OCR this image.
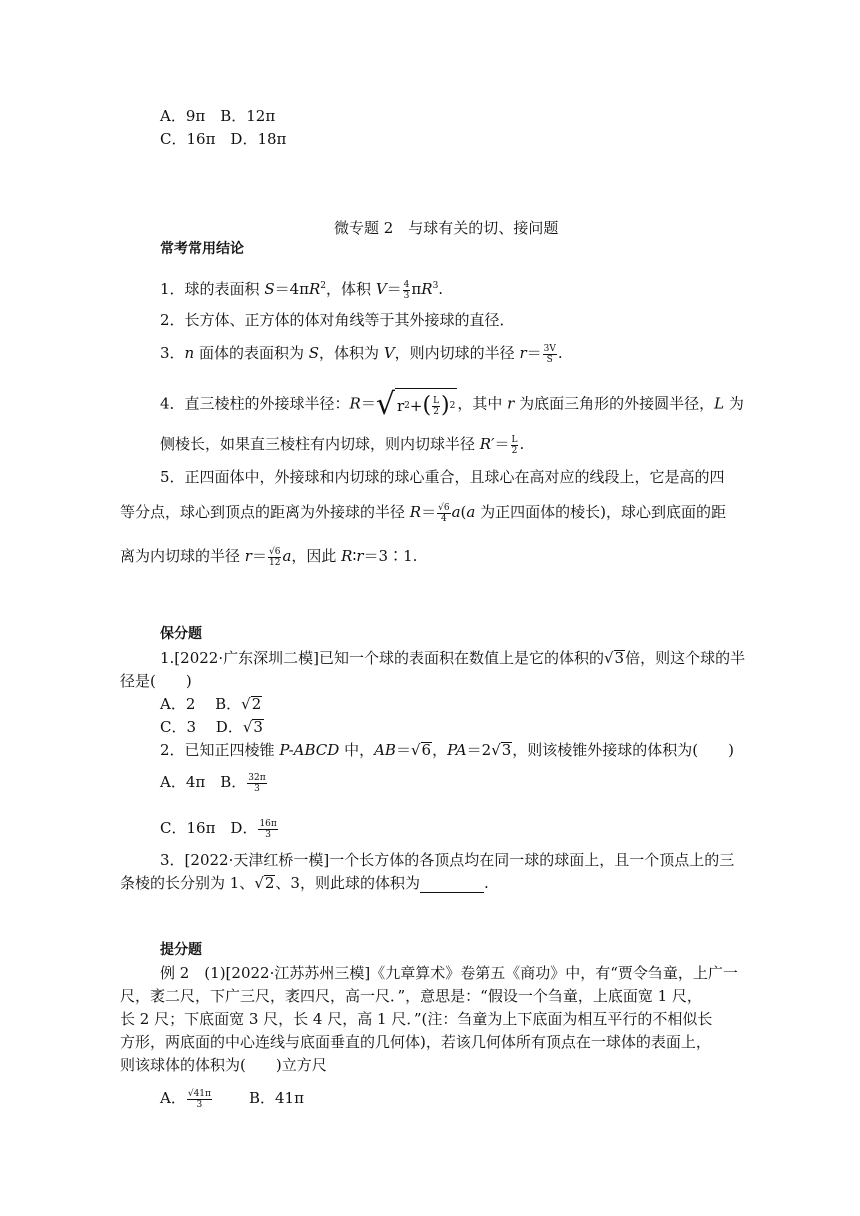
A．9π　B．12π
C．16π　D．18π
微专题 2　与球有关的切、接问题
常考常用结论
1．球的表面积 $S=4\pi R^2$，体积 $V= \frac{4}{3} \pi R^3$.
2．长方体、正方体的体对角线等于其外接球的直径．
3．n 面体的表面积为 S，体积为 V，则内切球的半径 $r= \frac{3V}{S}$ .
4．直三棱柱的外接球半径：R＝ √ r 2 + ( L
2 ) 2 ，其中 r 为底面三角形的外接圆半径，L 为
侧棱长，如果直三棱柱有内切球，则内切球半径 $R'= \frac{L}{2}$ .
5．正四面体中，外接球和内切球的球心重合，且球心在高对应的线段上，它是高的四
等分点，球心到顶点的距离为外接球的半径 $R= \frac{√6}{4} a(a$ 为正四面体的棱长)，球心到底面的距
离为内切球的半径 $r= \frac{√6}{12}$ a，因此 R∶r＝3∶1.
保分题
1.[2022·广东深圳二模]已知一个球的表面积在数值上是它的体积的√3倍，则这个球的半
径是( )
A．2　 B．√2
C．3　 D．√3
2．已知正四棱锥 P-ABCD 中，AB＝√6，PA＝2√3，则该棱锥外接球的体积为( )
A．4π　B． $\frac{32\pi}{3}$
C．16π　D． $\frac{16\pi}{3}$
3．[2022·天津红桥一模]一个长方体的各顶点均在同一球的球面上，且一个顶点上的三
条棱的长分别为 1、√2、3，则此球的体积为	.
提分题
例 2　(1)[2022·江苏苏州三模]《九章算术》卷第五《商功》中，有“贾令刍童，上广一
尺，袤二尺，下广三尺，袤四尺，高一尺．”，意思是：“假设一个刍童，上底面宽 1 尺，
长 2 尺；下底面宽 3 尺，长 4 尺，高 1 尺．”(注：刍童为上下底面为相互平行的不相似长
方形，两底面的中心连线与底面垂直的几何体)，若该几何体所有顶点在一球体的表面上，
则该球体的体积为( )立方尺
A． $\frac{√41\pi}{3}$ B．41π
